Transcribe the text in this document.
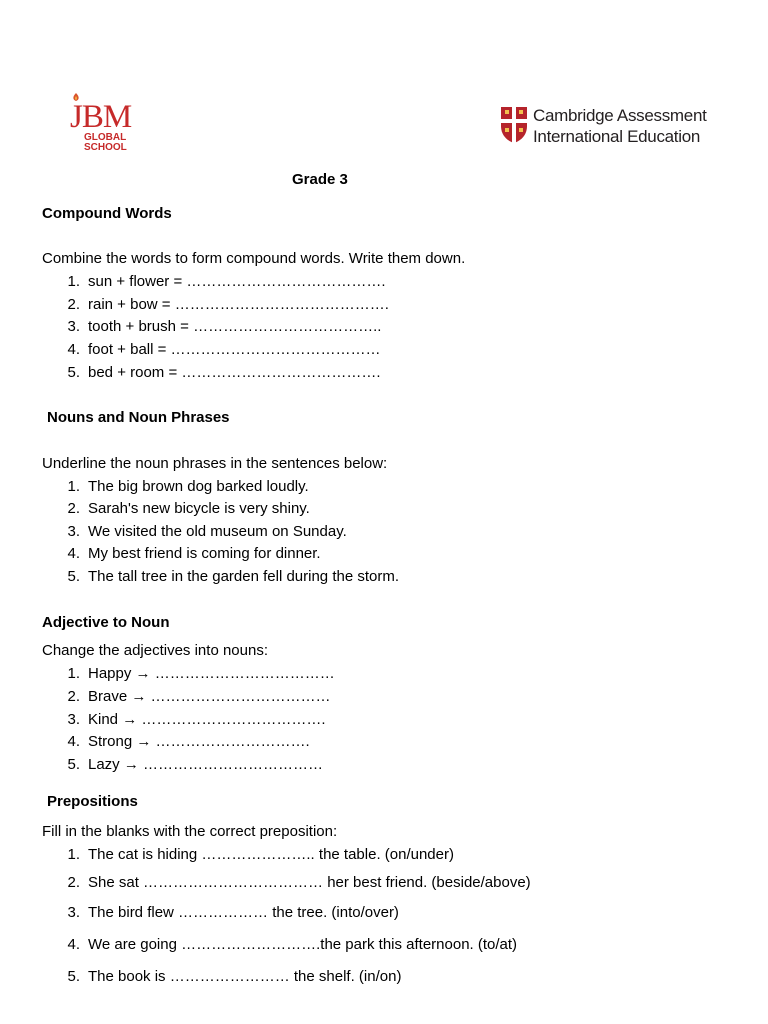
JBM
GLOBAL
SCHOOL
Cambridge Assessment
International Education
Grade 3
Compound Words
Combine the words to form compound words. Write them down.
1. sun + flower = ………………………………….
2. rain + bow = …………………………………….
3. tooth + brush = ………………………………..
4. foot + ball = ……………………………………
5. bed + room = ………………………………….
Nouns and Noun Phrases
Underline the noun phrases in the sentences below:
1. The big brown dog barked loudly.
2. Sarah's new bicycle is very shiny.
3. We visited the old museum on Sunday.
4. My best friend is coming for dinner.
5. The tall tree in the garden fell during the storm.
Adjective to Noun
Change the adjectives into nouns:
1. Happy → ………………………………
2. Brave → ………………………………
3. Kind → ……………………………….
4. Strong → ………………………….
5. Lazy → ………………………………
Prepositions
Fill in the blanks with the correct preposition:
1. The cat is hiding ………………….. the table. (on/under)
2. She sat ……………………………… her best friend. (beside/above)
3. The bird flew ……………… the tree. (into/over)
4. We are going ……………………….the park this afternoon. (to/at)
5. The book is …………………… the shelf. (in/on)
